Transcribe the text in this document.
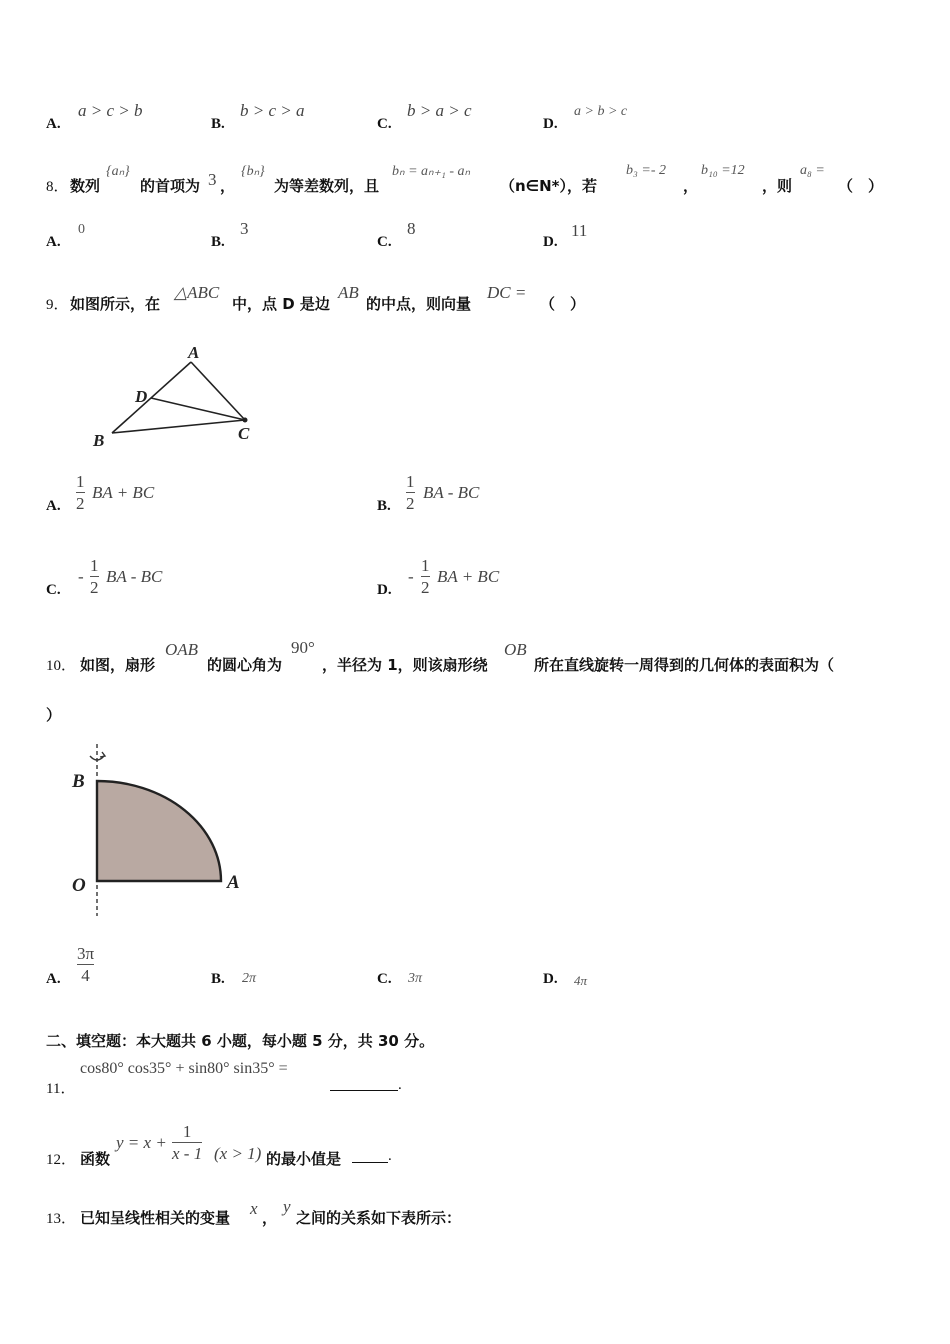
A.
a > c > b
B.
b > c > a
C.
b > a > c
D.
a > b > c
8． 数列
{aₙ}
的首项为 3 ，
{bₙ}
为等差数列，且
bₙ = aₙ₊₁ - aₙ
（n∈N*），若
b₃ =- 2
，
b₁₀ =12
，则
a₈ =
（　）
A.
0
B.
3
C.
8
D.
11
9． 如图所示，在
△ABC
中，点 D 是边
AB
的中点，则向量
DC =
（　）
A
D
B	C
A.
1
2
BA + BC
B.
1
2
BA - BC
C.
-
1
2
BA - BC
D.
-
1
2
BA + BC
10． 如图，扇形
OAB
的圆心角为
90°
，半径为 1，则该扇形绕
OB
所在直线旋转一周得到的几何体的表面积为（
）
B
O	A
A.
3π
4	B. 2π	C. 3π	D. 4π
二、填空题：本大题共 6 小题，每小题 5 分，共 30 分。
11．
cos80° cos35° + sin80° sin35° =
.
12． 函数
y = x +
1
x - 1 (x > 1) 的最小值是	.
13． 已知呈线性相关的变量 x ，
y
之间的关系如下表所示：
